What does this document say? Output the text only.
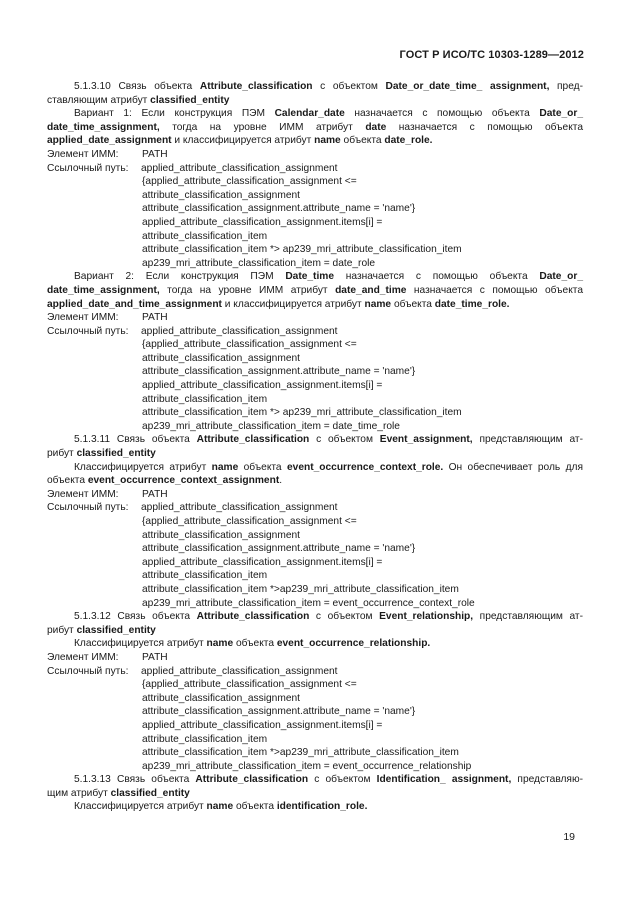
ГОСТ Р ИСО/ТС 10303-1289—2012

5.1.3.10 Связь объекта Attribute_classification с объектом Date_or_date_time_ assignment, пред-

ставляющим атрибут classified_entity

Вариант 1: Если конструкция ПЭМ Calendar_date назначается с помощью объекта Date_or_

date_time_assignment, тогда на уровне ИММ атрибут date назначается с помощью объекта

applied_date_assignment и классифицируется атрибут name объекта date_role.

Элемент ИММ:	PATH
Ссылочный путь:	applied_attribute_classification_assignment

{applied_attribute_classification_assignment <=

attribute_classification_assignment

attribute_classification_assignment.attribute_name = 'name'}

applied_attribute_classification_assignment.items[i] =

attribute_classification_item

attribute_classification_item *> ap239_mri_attribute_classification_item

ap239_mri_attribute_classification_item = date_role

Вариант 2: Если конструкция ПЭМ Date_time назначается с помощью объекта Date_or_

date_time_assignment, тогда на уровне ИММ атрибут date_and_time назначается с помощью объекта

applied_date_and_time_assignment и классифицируется атрибут name объекта date_time_role.

Элемент ИММ:	PATH
Ссылочный путь:	applied_attribute_classification_assignment

{applied_attribute_classification_assignment <=

attribute_classification_assignment

attribute_classification_assignment.attribute_name = 'name'}

applied_attribute_classification_assignment.items[i] =

attribute_classification_item

attribute_classification_item *> ap239_mri_attribute_classification_item

ap239_mri_attribute_classification_item = date_time_role

5.1.3.11 Связь объекта Attribute_classification с объектом Event_assignment, представляющим ат-

рибут classified_entity

Классифицируется атрибут name объекта event_occurrence_context_role. Он обеспечивает роль для

объекта event_occurrence_context_assignment.

Элемент ИММ:	PATH
Ссылочный путь:	applied_attribute_classification_assignment

{applied_attribute_classification_assignment <=

attribute_classification_assignment

attribute_classification_assignment.attribute_name = 'name'}

applied_attribute_classification_assignment.items[i] =

attribute_classification_item

attribute_classification_item *>ap239_mri_attribute_classification_item

ap239_mri_attribute_classification_item = event_occurrence_context_role

5.1.3.12 Связь объекта Attribute_classification с объектом Event_relationship, представляющим ат-

рибут classified_entity

Классифицируется атрибут name объекта event_occurrence_relationship.

Элемент ИММ:	PATH
Ссылочный путь:	applied_attribute_classification_assignment

{applied_attribute_classification_assignment <=

attribute_classification_assignment

attribute_classification_assignment.attribute_name = 'name'}

applied_attribute_classification_assignment.items[i] =

attribute_classification_item

attribute_classification_item *>ap239_mri_attribute_classification_item

ap239_mri_attribute_classification_item = event_occurrence_relationship

5.1.3.13 Связь объекта Attribute_classification с объектом Identification_ assignment, представляю-

щим атрибут classified_entity

Классифицируется атрибут name объекта identification_role.

19
